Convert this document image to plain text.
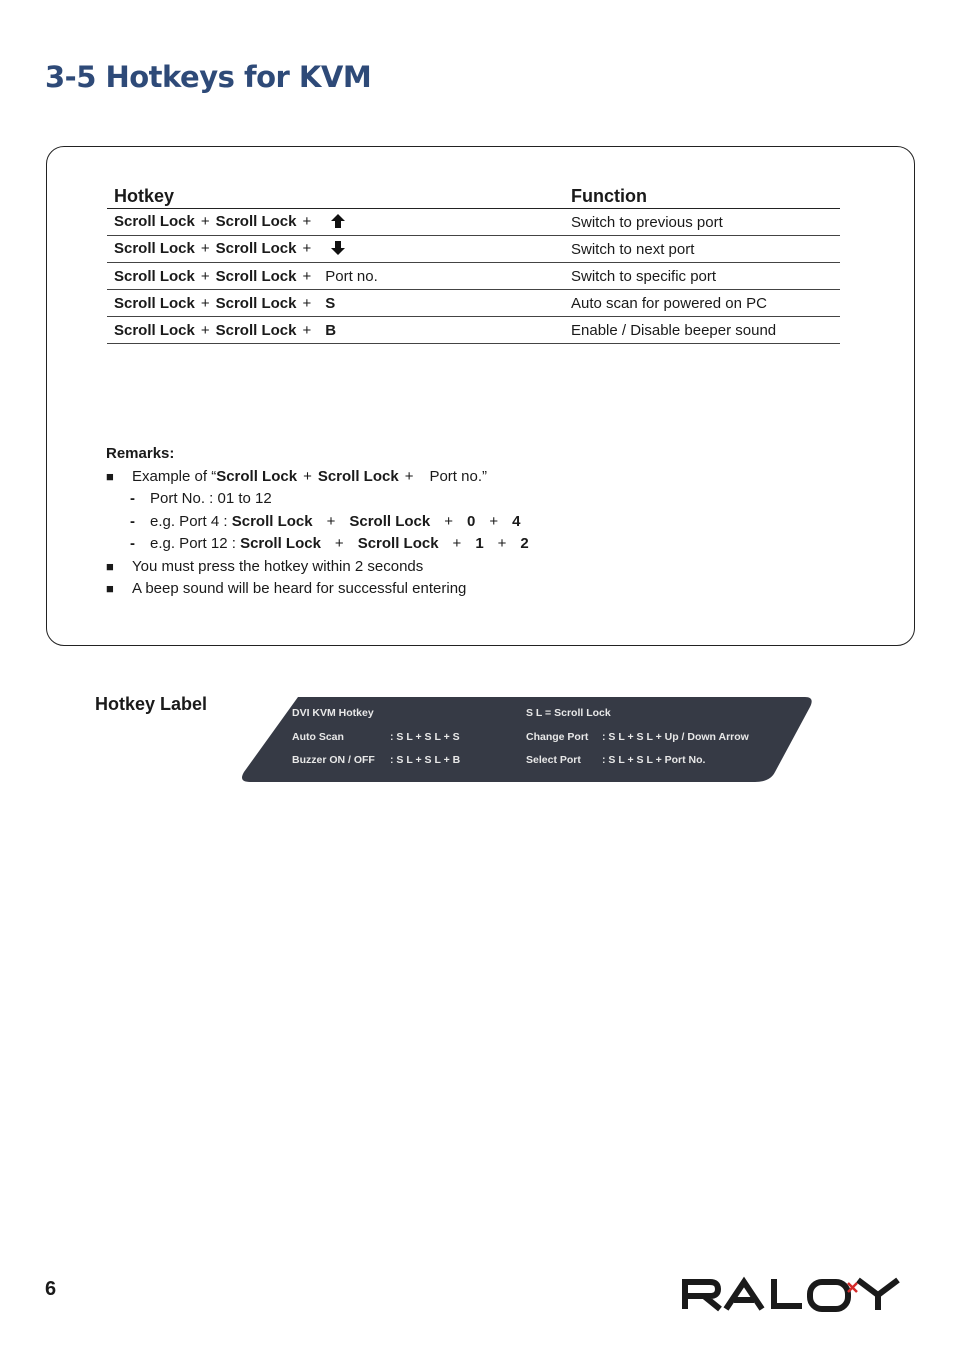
3-5 Hotkeys for KVM
Hotkey	Function
Scroll Lock + Scroll Lock +	Switch to previous port
Scroll Lock + Scroll Lock +	Switch to next port
Scroll Lock + Scroll Lock + Port no.	Switch to specific port
Scroll Lock + Scroll Lock + S	Auto scan for powered on PC
Scroll Lock + Scroll Lock + B	Enable / Disable beeper sound
Remarks:
■ Example of “Scroll Lock + Scroll Lock + Port no.”
- Port No. : 01 to 12
- e.g. Port 4 : Scroll Lock + Scroll Lock + 0 + 4
- e.g. Port 12 : Scroll Lock + Scroll Lock + 1 + 2
■ You must press the hotkey within 2 seconds
■ A beep sound will be heard for successful entering
Hotkey Label	DVI KVM Hotkey
Auto Scan	: S L + S L + S
Buzzer ON / OFF : S L + S L + B
S L = Scroll Lock
Change Port : S L + S L + Up / Down Arrow
Select Port : S L + S L + Port No.
6
